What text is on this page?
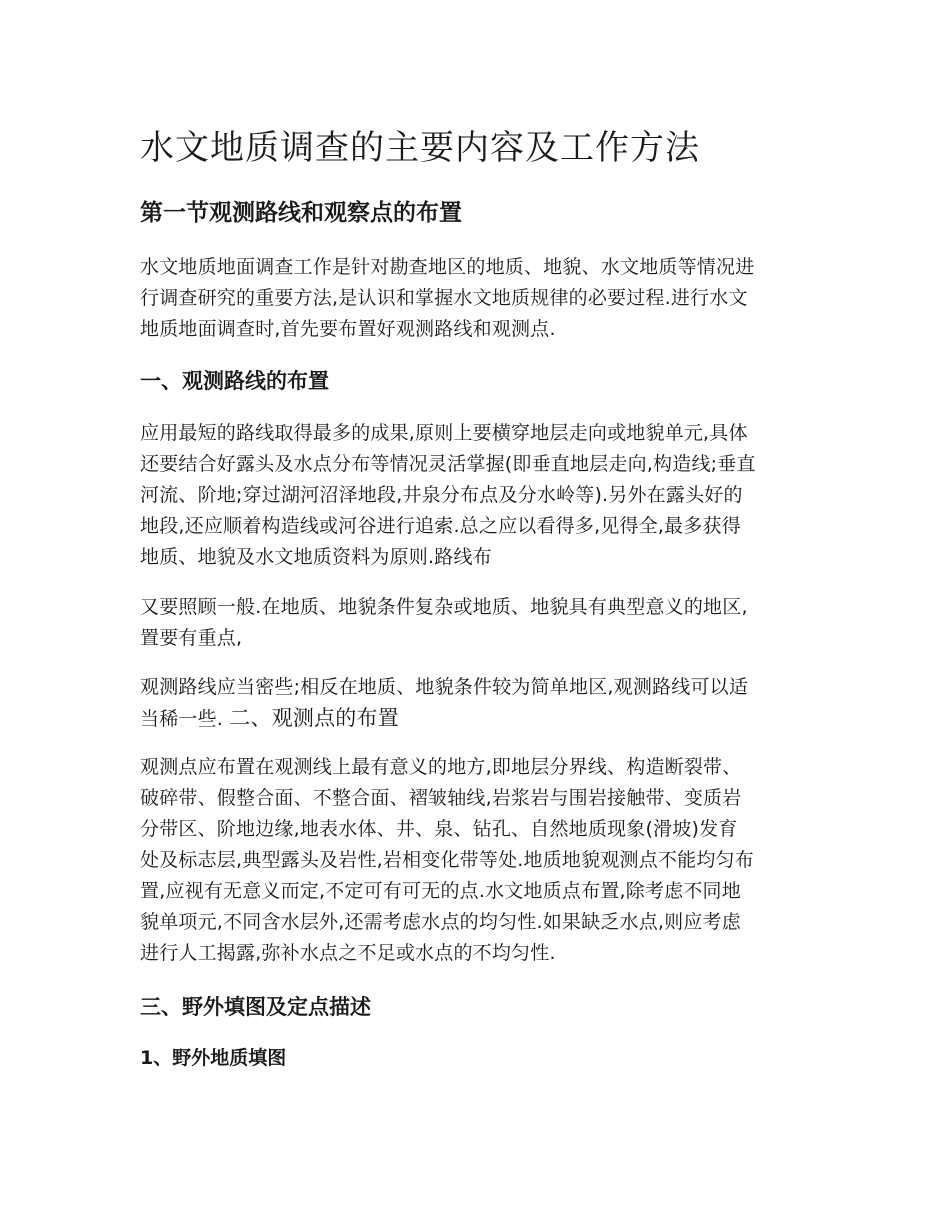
水文地质调查的主要内容及工作方法
第一节观测路线和观察点的布置

水文地质地面调查工作是针对勘查地区的地质、地貌、水文地质等情况进
行调查研究的重要方法,是认识和掌握水文地质规律的必要过程.进行水文
地质地面调查时,首先要布置好观测路线和观测点.

一、观测路线的布置

应用最短的路线取得最多的成果,原则上要横穿地层走向或地貌单元,具体
还要结合好露头及水点分布等情况灵活掌握(即垂直地层走向,构造线;垂直
河流、阶地;穿过湖河沼泽地段,井泉分布点及分水岭等).另外在露头好的
地段,还应顺着构造线或河谷进行追索.总之应以看得多,见得全,最多获得
地质、地貌及水文地质资料为原则.路线布

又要照顾一般.在地质、地貌条件复杂或地质、地貌具有典型意义的地区,
置要有重点,

观测路线应当密些;相反在地质、地貌条件较为简单地区,观测路线可以适
当稀一些. 二、观测点的布置

观测点应布置在观测线上最有意义的地方,即地层分界线、构造断裂带、
破碎带、假整合面、不整合面、褶皱轴线,岩浆岩与围岩接触带、变质岩
分带区、阶地边缘,地表水体、井、泉、钻孔、自然地质现象(滑坡)发育
处及标志层,典型露头及岩性,岩相变化带等处.地质地貌观测点不能均匀布
置,应视有无意义而定,不定可有可无的点.水文地质点布置,除考虑不同地
貌单项元,不同含水层外,还需考虑水点的均匀性.如果缺乏水点,则应考虑
进行人工揭露,弥补水点之不足或水点的不均匀性.

三、野外填图及定点描述
1、野外地质填图
